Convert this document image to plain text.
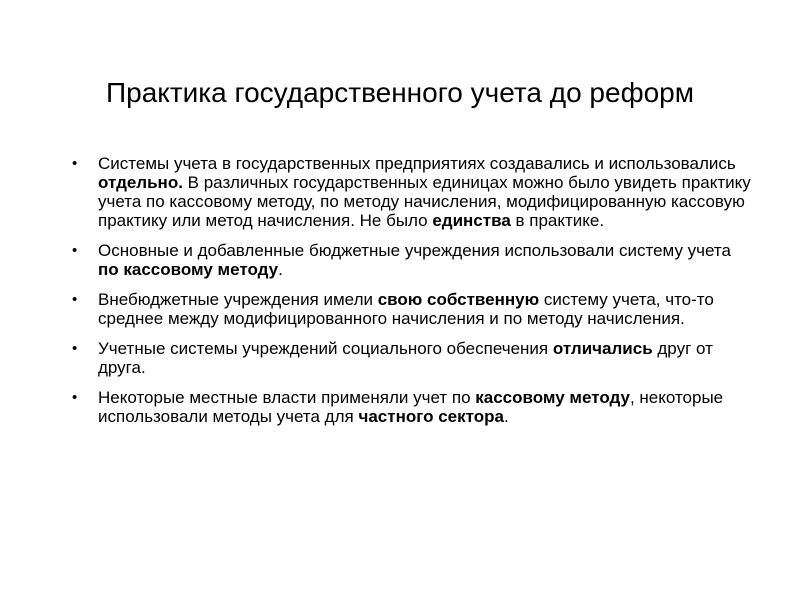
Практика государственного учета до реформ
• Системы учета в государственных предприятиях создавались и использовались отдельно. В различных государственных единицах можно было увидеть практику учета по кассовому методу, по методу начисления, модифицированную кассовую практику или метод начисления. Не было единства в практике.
• Основные и добавленные бюджетные учреждения использовали систему учета по кассовому методу.
• Внебюджетные учреждения имели свою собственную систему учета, что-то среднее между модифицированного начисления и по методу начисления.
• Учетные системы учреждений социального обеспечения отличались друг от друга.
• Некоторые местные власти применяли учет по кассовому методу, некоторые использовали методы учета для частного сектора.
